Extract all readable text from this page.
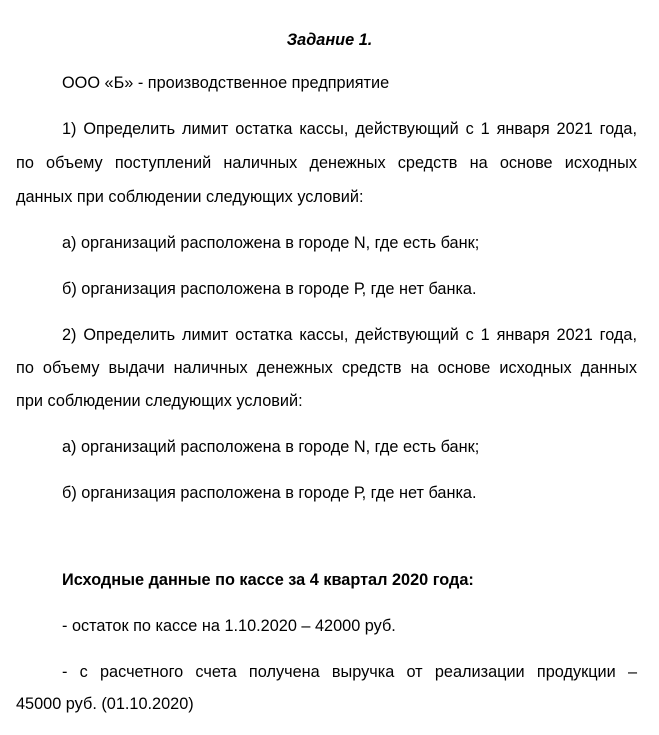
Задание 1.
ООО «Б» - производственное предприятие
1) Определить лимит остатка кассы, действующий с 1 января 2021 года,
по объему поступлений наличных денежных средств на основе исходных
данных при соблюдении следующих условий:
а) организаций расположена в городе N, где есть банк;
б) организация расположена в городе Р, где нет банка.
2) Определить лимит остатка кассы, действующий с 1 января 2021 года,
по объему выдачи наличных денежных средств на основе исходных данных
при соблюдении следующих условий:
а) организаций расположена в городе N, где есть банк;
б) организация расположена в городе Р, где нет банка.
Исходные данные по кассе за 4 квартал 2020 года:
- остаток по кассе на 1.10.2020 – 42000 руб.
- с расчетного счета получена выручка от реализации продукции –
45000 руб. (01.10.2020)
